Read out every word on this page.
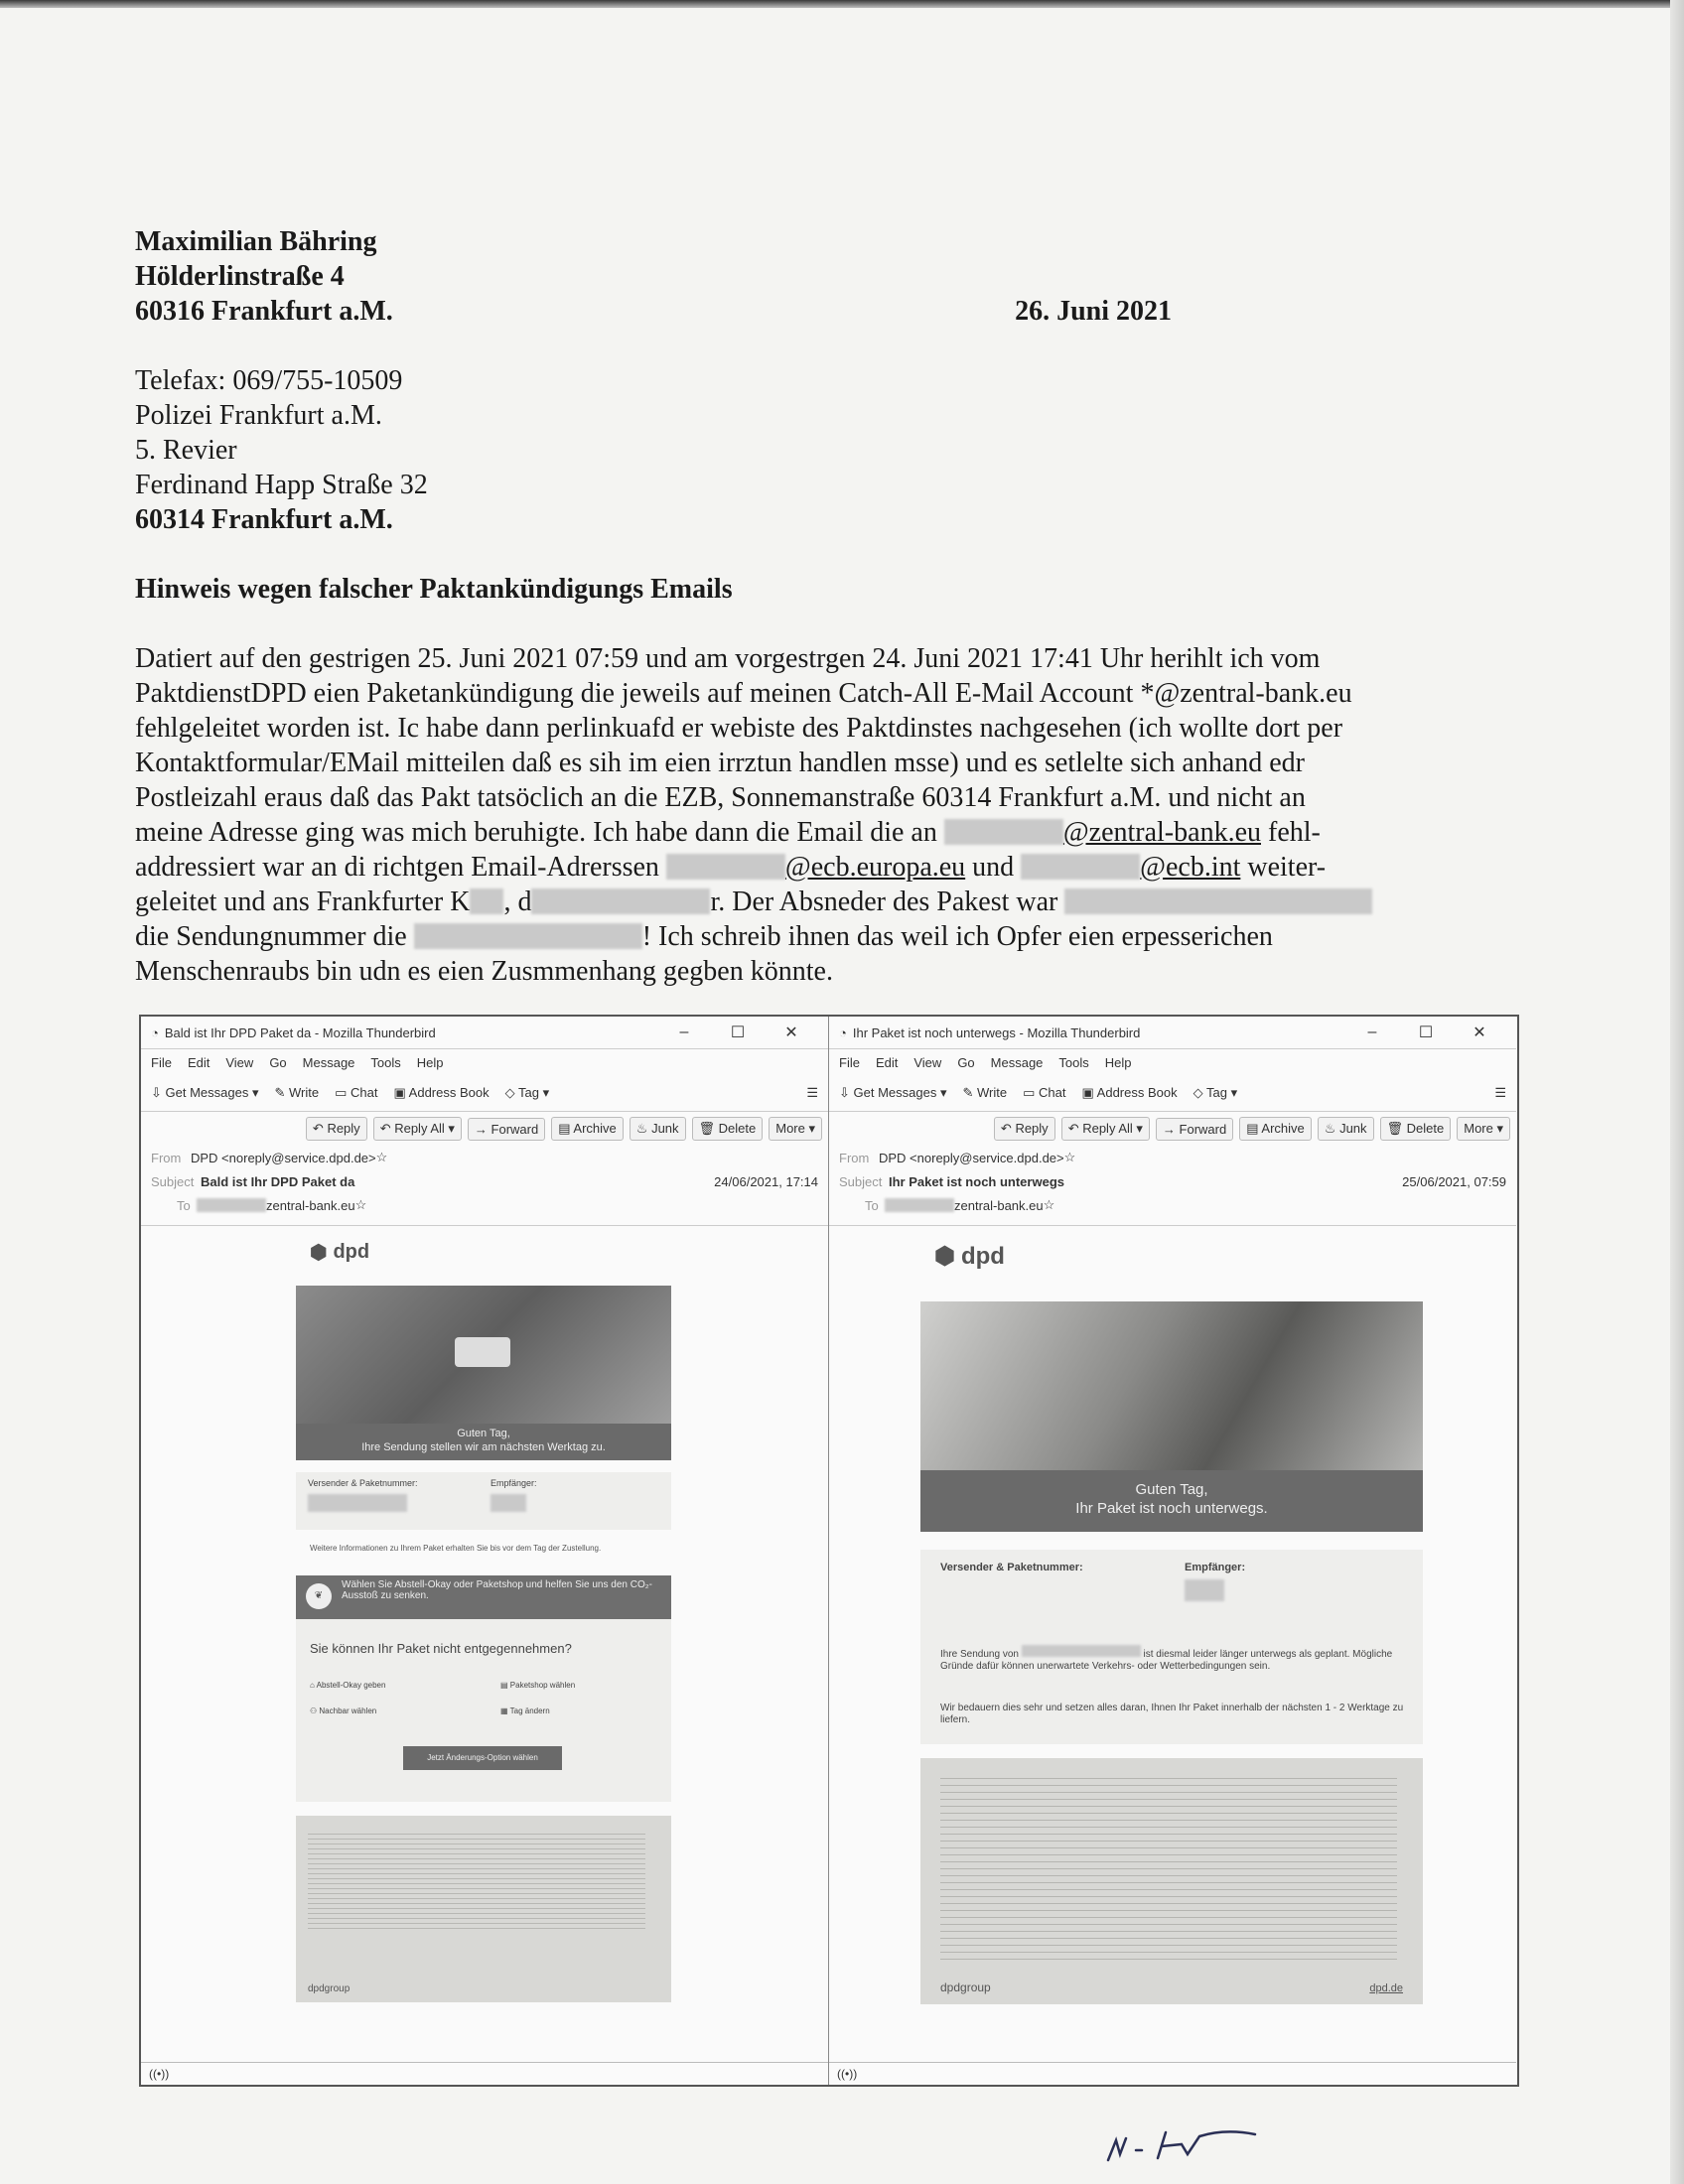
Maximilian Bähring
Hölderlinstraße 4
60316 Frankfurt a.M.	26. Juni 2021
Telefax: 069/755-10509
Polizei Frankfurt a.M.
5. Revier
Ferdinand Happ Straße 32
60314 Frankfurt a.M.
Hinweis wegen falscher Paktankündigungs Emails
Datiert auf den gestrigen 25. Juni 2021 07:59 und am vorgestrgen 24. Juni 2021 17:41 Uhr herihlt ich vom
PaktdienstDPD eien Paketankündigung die jeweils auf meinen Catch-All E-Mail Account *@zentral-bank.eu
fehlgeleitet worden ist. Ic habe dann perlinkuafd er webiste des Paktdinstes nachgesehen (ich wollte dort per
Kontaktformular/EMail mitteilen daß es sih im eien irrztun handlen msse) und es setlelte sich anhand edr
Postleizahl eraus daß das Pakt tatsöclich an die EZB, Sonnemanstraße 60314 Frankfurt a.M. und nicht an
meine Adresse ging was mich beruhigte. Ich habe dann die Email die an	@zentral-bank.eu fehl-
addressiert war an di richtgen Email-Adrerssen	@ecb.europa.eu und	@ecb.int weiter-
geleitet und ans Frankfurter K , d	r. Der Absneder des Pakest war
die Sendungnummer die	! Ich schreib ihnen das weil ich Opfer eien erpesserichen
Menschenraubs bin udn es eien Zusmmenhang gegben könnte.
◔ Bald ist Ihr DPD Paket da - Mozilla Thunderbird	–	☐	✕
File Edit View Go Message Tools Help
⇩ Get Messages ▾ ✎ Write ▭ Chat ▣ Address Book ◇ Tag ▾	☰
↶ Reply	↶ Reply All ▾	→ Forward	▤ Archive	♨ Junk	🗑 Delete	More ▾
From DPD <noreply@service.dpd.de> ☆
Subject Bald ist Ihr DPD Paket da	24/06/2021, 17:14
To	zentral-bank.eu ☆
⬢ dpd
Guten Tag,
Ihre Sendung stellen wir am nächsten Werktag zu.
Versender & Paketnummer:	Empfänger:
Weitere Informationen zu Ihrem Paket erhalten Sie bis vor dem Tag der Zustellung.
❦
Wählen Sie Abstell-Okay oder Paketshop und helfen Sie uns den CO₂-Ausstoß zu senken.
Sie können Ihr Paket nicht entgegennehmen?
⌂ Abstell-Okay geben	▤ Paketshop wählen
⚇ Nachbar wählen	▦ Tag ändern
Jetzt Änderungs-Option wählen
dpdgroup
((•))
◔ Ihr Paket ist noch unterwegs - Mozilla Thunderbird	–	☐	✕
File Edit View Go Message Tools Help
⇩ Get Messages ▾ ✎ Write ▭ Chat ▣ Address Book ◇ Tag ▾	☰
↶ Reply	↶ Reply All ▾	→ Forward	▤ Archive	♨ Junk	🗑 Delete	More ▾
From DPD <noreply@service.dpd.de> ☆
Subject Ihr Paket ist noch unterwegs	25/06/2021, 07:59
To	zentral-bank.eu ☆
⬢ dpd
Guten Tag,
Ihr Paket ist noch unterwegs.
Versender & Paketnummer:	Empfänger:
Ihre Sendung von	ist diesmal leider länger unterwegs als geplant. Mögliche Gründe dafür können unerwartete Verkehrs- oder Wetterbedingungen sein.
Wir bedauern dies sehr und setzen alles daran, Ihnen Ihr Paket innerhalb der nächsten 1 - 2 Werktage zu liefern.
dpdgroup	dpd.de
((•))
